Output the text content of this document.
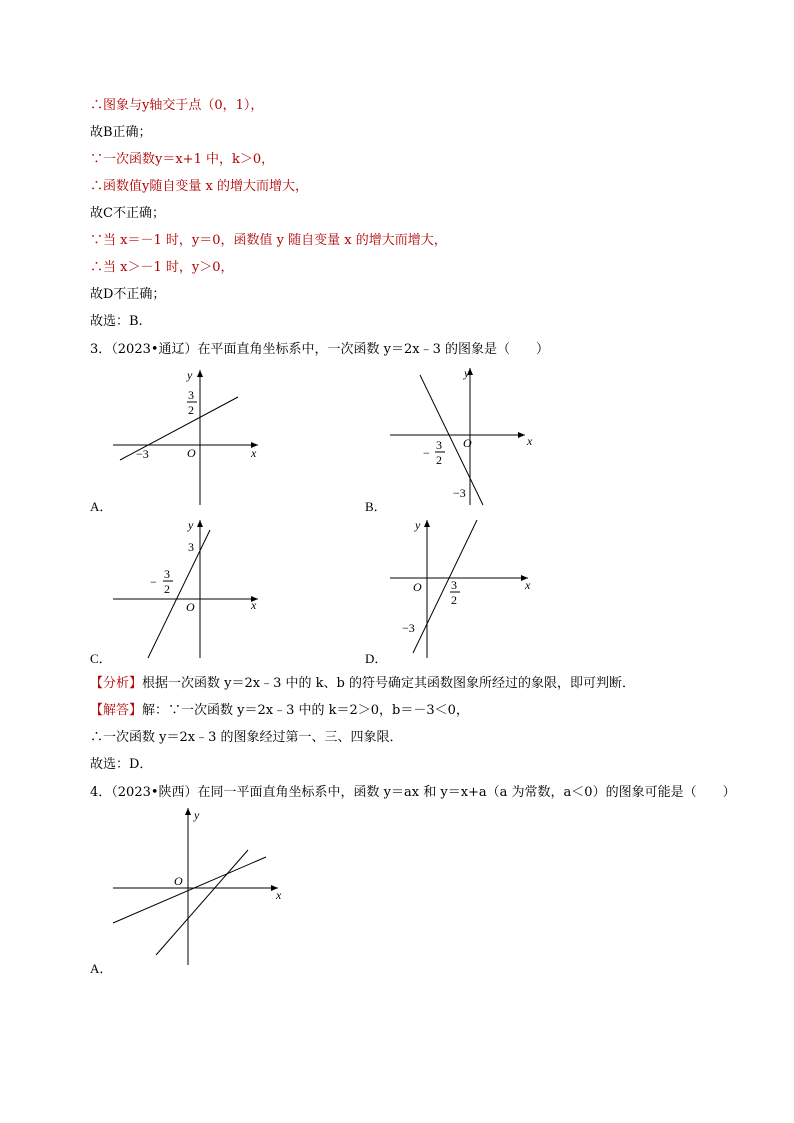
∴图象与y轴交于点（0，1），
故B正确；
∵一次函数y＝x+1 中，k＞0，
∴函数值y随自变量 x 的增大而增大，
故C不正确；
∵当 x＝－1 时，y＝0，函数值 y 随自变量 x 的增大而增大，
∴当 x＞－1 时，y＞0，
故D不正确；
故选：B.
3．（2023•通辽）在平面直角坐标系中，一次函数 y＝2x﹣3 的图象是（　　）
y
x
O
−3
3
2
A．
y
x
O
−
3
2
−3
B．
y
x
O
3
−
3
2
C．
y
x
O 3
2
−3
D．
【分析】根据一次函数 y＝2x﹣3 中的 k、b 的符号确定其函数图象所经过的象限，即可判断．
【解答】解：∵一次函数 y＝2x﹣3 中的 k＝2＞0，b＝－3＜0，
∴一次函数 y＝2x﹣3 的图象经过第一、三、四象限．
故选：D．
4．（2023•陕西）在同一平面直角坐标系中，函数 y＝ax 和 y＝x+a（a 为常数，a＜0）的图象可能是（　　）
y
x
O
A．
